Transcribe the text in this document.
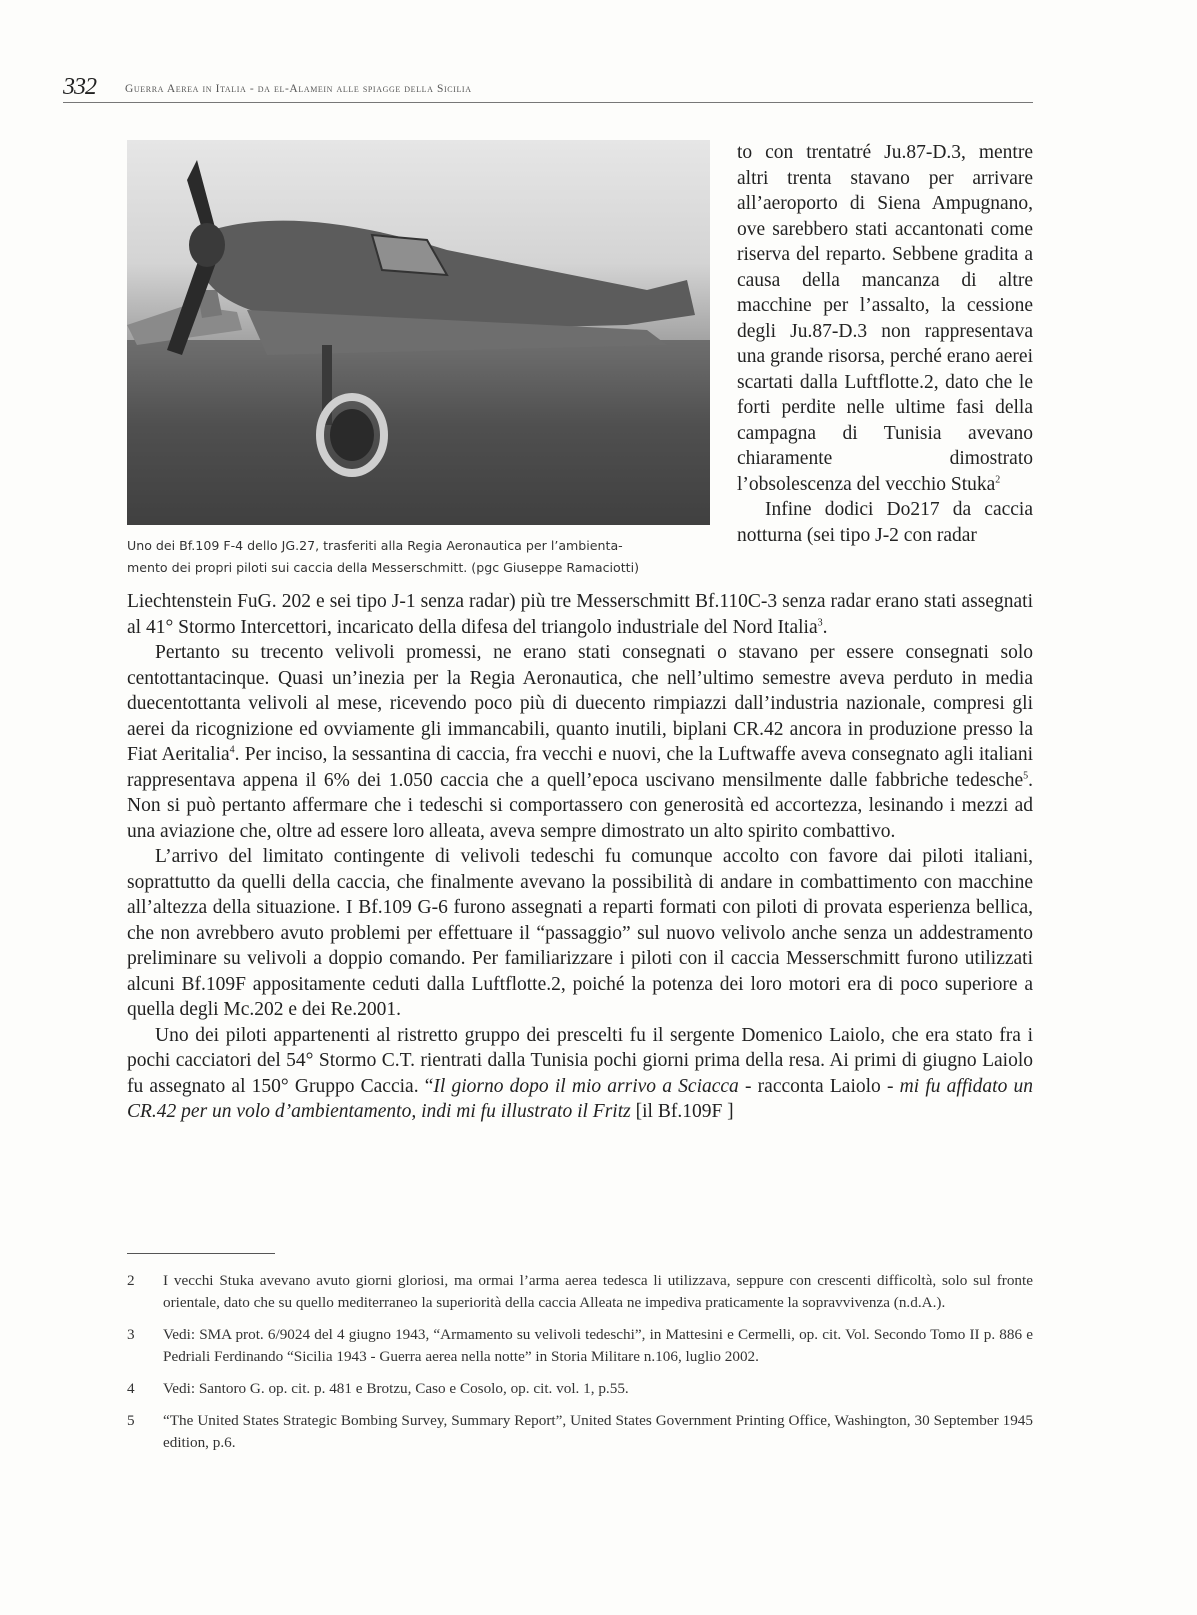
332	Guerra Aerea in Italia - da el-Alamein alle spiagge della Sicilia
Uno dei Bf.109 F-4 dello JG.27, trasferiti alla Regia Aeronautica per l’ambienta-
mento dei propri piloti sui caccia della Messerschmitt. (pgc Giuseppe Ramaciotti)

to con trentatré Ju.87-D.3, mentre altri trenta stavano per arrivare all’aeroporto di Siena Ampugnano, ove sarebbero stati accantonati come riserva del reparto. Sebbene gradita a causa della mancanza di altre macchine per l’assalto, la cessione degli Ju.87-D.3 non rappresentava una grande risorsa, perché erano aerei scartati dalla Luftflotte.2, dato che le forti perdite nelle ultime fasi della campagna di Tunisia avevano chiaramente dimostrato l’obsolescenza del vecchio Stuka$^2$

Infine dodici Do217 da caccia notturna (sei tipo J-2 con radar

Liechtenstein FuG. 202 e sei tipo J-1 senza radar) più tre Messerschmitt Bf.110C-3 senza radar erano stati assegnati al 41° Stormo Intercettori, incaricato della difesa del triangolo industriale del Nord Italia$^3$.

Pertanto su trecento velivoli promessi, ne erano stati consegnati o stavano per essere consegnati solo centottantacinque. Quasi un’inezia per la Regia Aeronautica, che nell’ultimo semestre aveva perduto in media duecentottanta velivoli al mese, ricevendo poco più di duecento rimpiazzi dall’industria nazionale, compresi gli aerei da ricognizione ed ovviamente gli immancabili, quanto inutili, biplani CR.42 ancora in produzione presso la Fiat Aeritalia$^4$. Per inciso, la sessantina di caccia, fra vecchi e nuovi, che la Luftwaffe aveva consegnato agli italiani rappresentava appena il 6% dei 1.050 caccia che a quell’epoca uscivano mensilmente dalle fabbriche tedesche$^5$. Non si può pertanto affermare che i tedeschi si comportassero con generosità ed accortezza, lesinando i mezzi ad una aviazione che, oltre ad essere loro alleata, aveva sempre dimostrato un alto spirito combattivo.

L’arrivo del limitato contingente di velivoli tedeschi fu comunque accolto con favore dai piloti italiani, soprattutto da quelli della caccia, che finalmente avevano la possibilità di andare in combattimento con macchine all’altezza della situazione. I Bf.109 G-6 furono assegnati a reparti formati con piloti di provata esperienza bellica, che non avrebbero avuto problemi per effettuare il “passaggio” sul nuovo velivolo anche senza un addestramento preliminare su velivoli a doppio comando. Per familiarizzare i piloti con il caccia Messerschmitt furono utilizzati alcuni Bf.109F appositamente ceduti dalla Luftflotte.2, poiché la potenza dei loro motori era di poco superiore a quella degli Mc.202 e dei Re.2001.

Uno dei piloti appartenenti al ristretto gruppo dei prescelti fu il sergente Domenico Laiolo, che era stato fra i pochi cacciatori del 54° Stormo C.T. rientrati dalla Tunisia pochi giorni prima della resa. Ai primi di giugno Laiolo fu assegnato al 150° Gruppo Caccia. “Il giorno dopo il mio arrivo a Sciacca - racconta Laiolo - mi fu affidato un CR.42 per un volo d’ambientamento, indi mi fu illustrato il Fritz [il Bf.109F ]

2 I vecchi Stuka avevano avuto giorni gloriosi, ma ormai l’arma aerea tedesca li utilizzava, seppure con crescenti difficoltà, solo sul fronte orientale, dato che su quello mediterraneo la superiorità della caccia Alleata ne impediva praticamente la sopravvivenza (n.d.A.).
3 Vedi: SMA prot. 6/9024 del 4 giugno 1943, “Armamento su velivoli tedeschi”, in Mattesini e Cermelli, op. cit. Vol. Secondo Tomo II p. 886 e Pedriali Ferdinando “Sicilia 1943 - Guerra aerea nella notte” in Storia Militare n.106, luglio 2002.
4 Vedi: Santoro G. op. cit. p. 481 e Brotzu, Caso e Cosolo, op. cit. vol. 1, p.55.
5 “The United States Strategic Bombing Survey, Summary Report”, United States Government Printing Office, Washington, 30 September 1945 edition, p.6.
